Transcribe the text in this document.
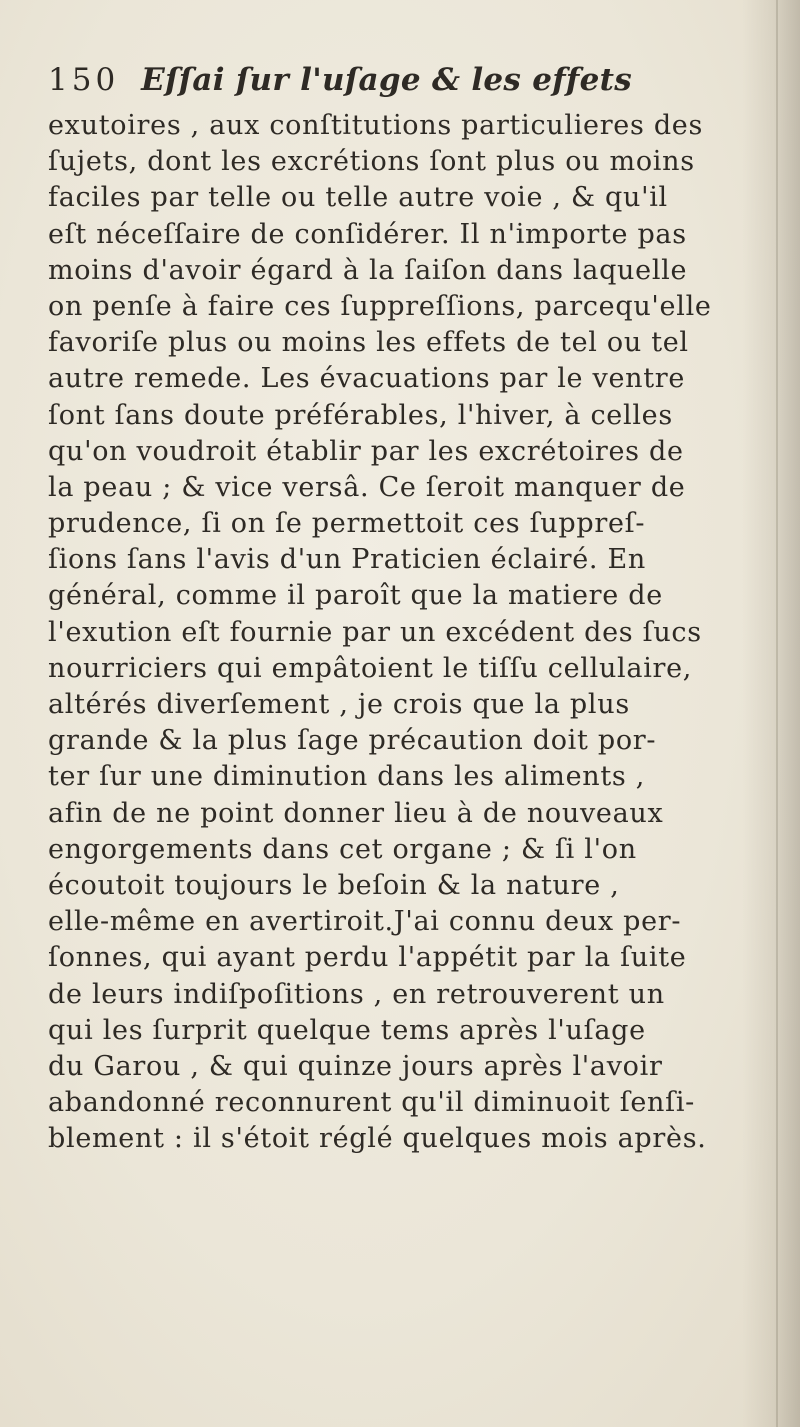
150 Eſſai ſur l'uſage & les effets
exutoires , aux conſtitutions particulieres des
ſujets, dont les excrétions ſont plus ou moins
faciles par telle ou telle autre voie , & qu'il
eſt néceſſaire de conſidérer. Il n'importe pas
moins d'avoir égard à la ſaiſon dans laquelle
on penſe à faire ces ſuppreſſions, parcequ'elle
favoriſe plus ou moins les effets de tel ou tel
autre remede. Les évacuations par le ventre
ſont ſans doute préférables, l'hiver, à celles
qu'on voudroit établir par les excrétoires de
la peau ; & vice versâ. Ce ſeroit manquer de
prudence, ſi on ſe permettoit ces ſuppreſ-
ſions ſans l'avis d'un Praticien éclairé. En
général, comme il paroît que la matiere de
l'exution eſt fournie par un excédent des ſucs
nourriciers qui empâtoient le tiſſu cellulaire,
altérés diverſement , je crois que la plus
grande & la plus ſage précaution doit por-
ter ſur une diminution dans les aliments ,
afin de ne point donner lieu à de nouveaux
engorgements dans cet organe ; & ſi l'on
écoutoit toujours le beſoin & la nature ,
elle-même en avertiroit.J'ai connu deux per-
ſonnes, qui ayant perdu l'appétit par la ſuite
de leurs indiſpoſitions , en retrouverent un
qui les ſurprit quelque tems après l'uſage
du Garou , & qui quinze jours après l'avoir
abandonné reconnurent qu'il diminuoit ſenſi-
blement : il s'étoit réglé quelques mois après.
